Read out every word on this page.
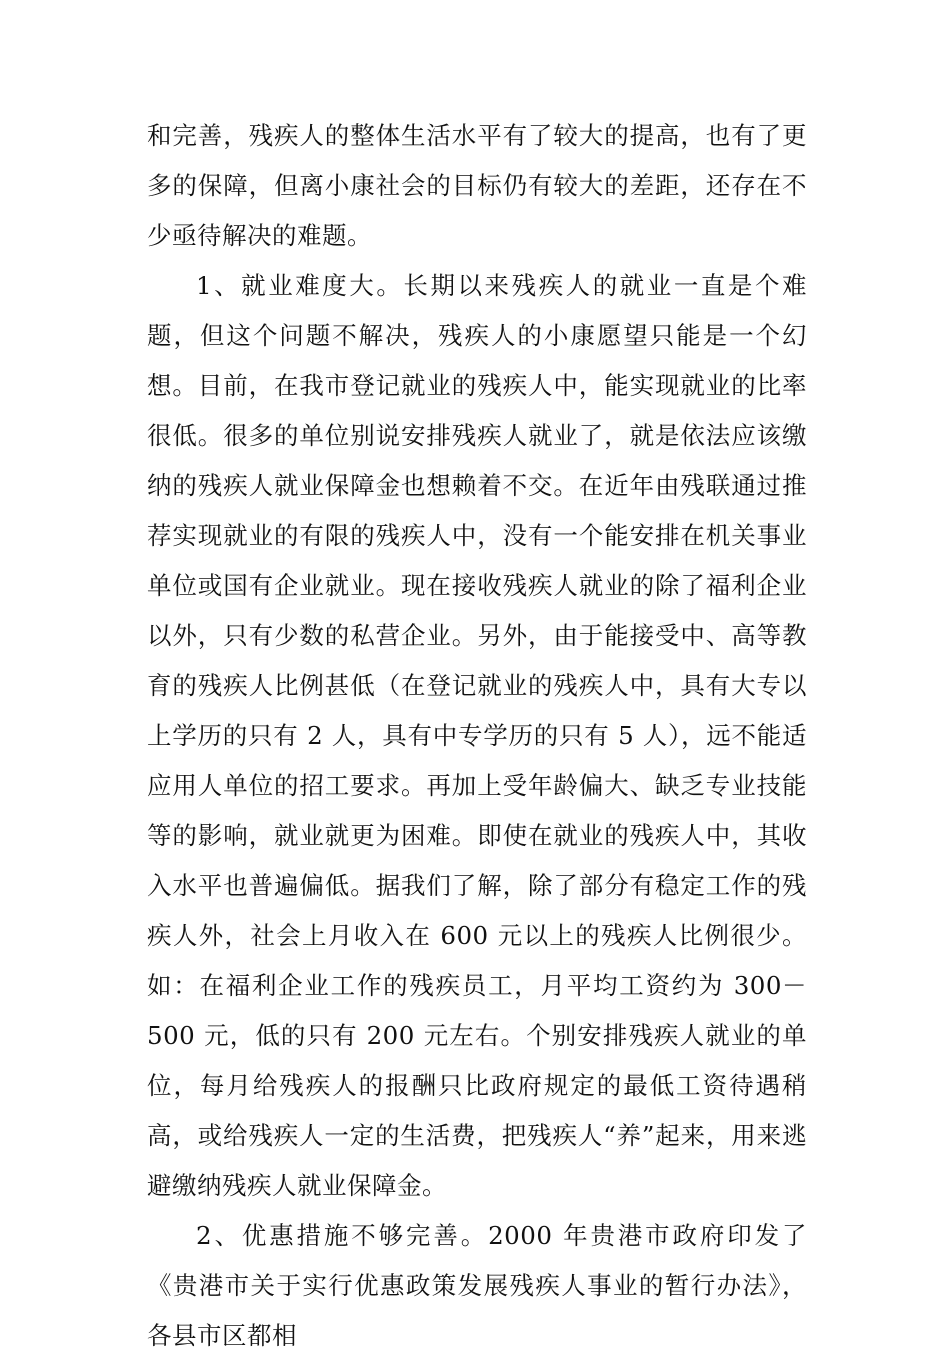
和完善，残疾人的整体生活水平有了较大的提高，也有了更多的保障，但离小康社会的目标仍有较大的差距，还存在不少亟待解决的难题。

1、就业难度大。长期以来残疾人的就业一直是个难题，但这个问题不解决，残疾人的小康愿望只能是一个幻想。目前，在我市登记就业的残疾人中，能实现就业的比率很低。很多的单位别说安排残疾人就业了，就是依法应该缴纳的残疾人就业保障金也想赖着不交。在近年由残联通过推荐实现就业的有限的残疾人中，没有一个能安排在机关事业单位或国有企业就业。现在接收残疾人就业的除了福利企业以外，只有少数的私营企业。另外，由于能接受中、高等教育的残疾人比例甚低（在登记就业的残疾人中，具有大专以上学历的只有 2 人，具有中专学历的只有 5 人），远不能适应用人单位的招工要求。再加上受年龄偏大、缺乏专业技能等的影响，就业就更为困难。即使在就业的残疾人中，其收入水平也普遍偏低。据我们了解，除了部分有稳定工作的残疾人外，社会上月收入在 600 元以上的残疾人比例很少。如：在福利企业工作的残疾员工，月平均工资约为 300－500 元，低的只有 200 元左右。个别安排残疾人就业的单位，每月给残疾人的报酬只比政府规定的最低工资待遇稍高，或给残疾人一定的生活费，把残疾人“养”起来，用来逃避缴纳残疾人就业保障金。

2、优惠措施不够完善。2000 年贵港市政府印发了《贵港市关于实行优惠政策发展残疾人事业的暂行办法》，各县市区都相
